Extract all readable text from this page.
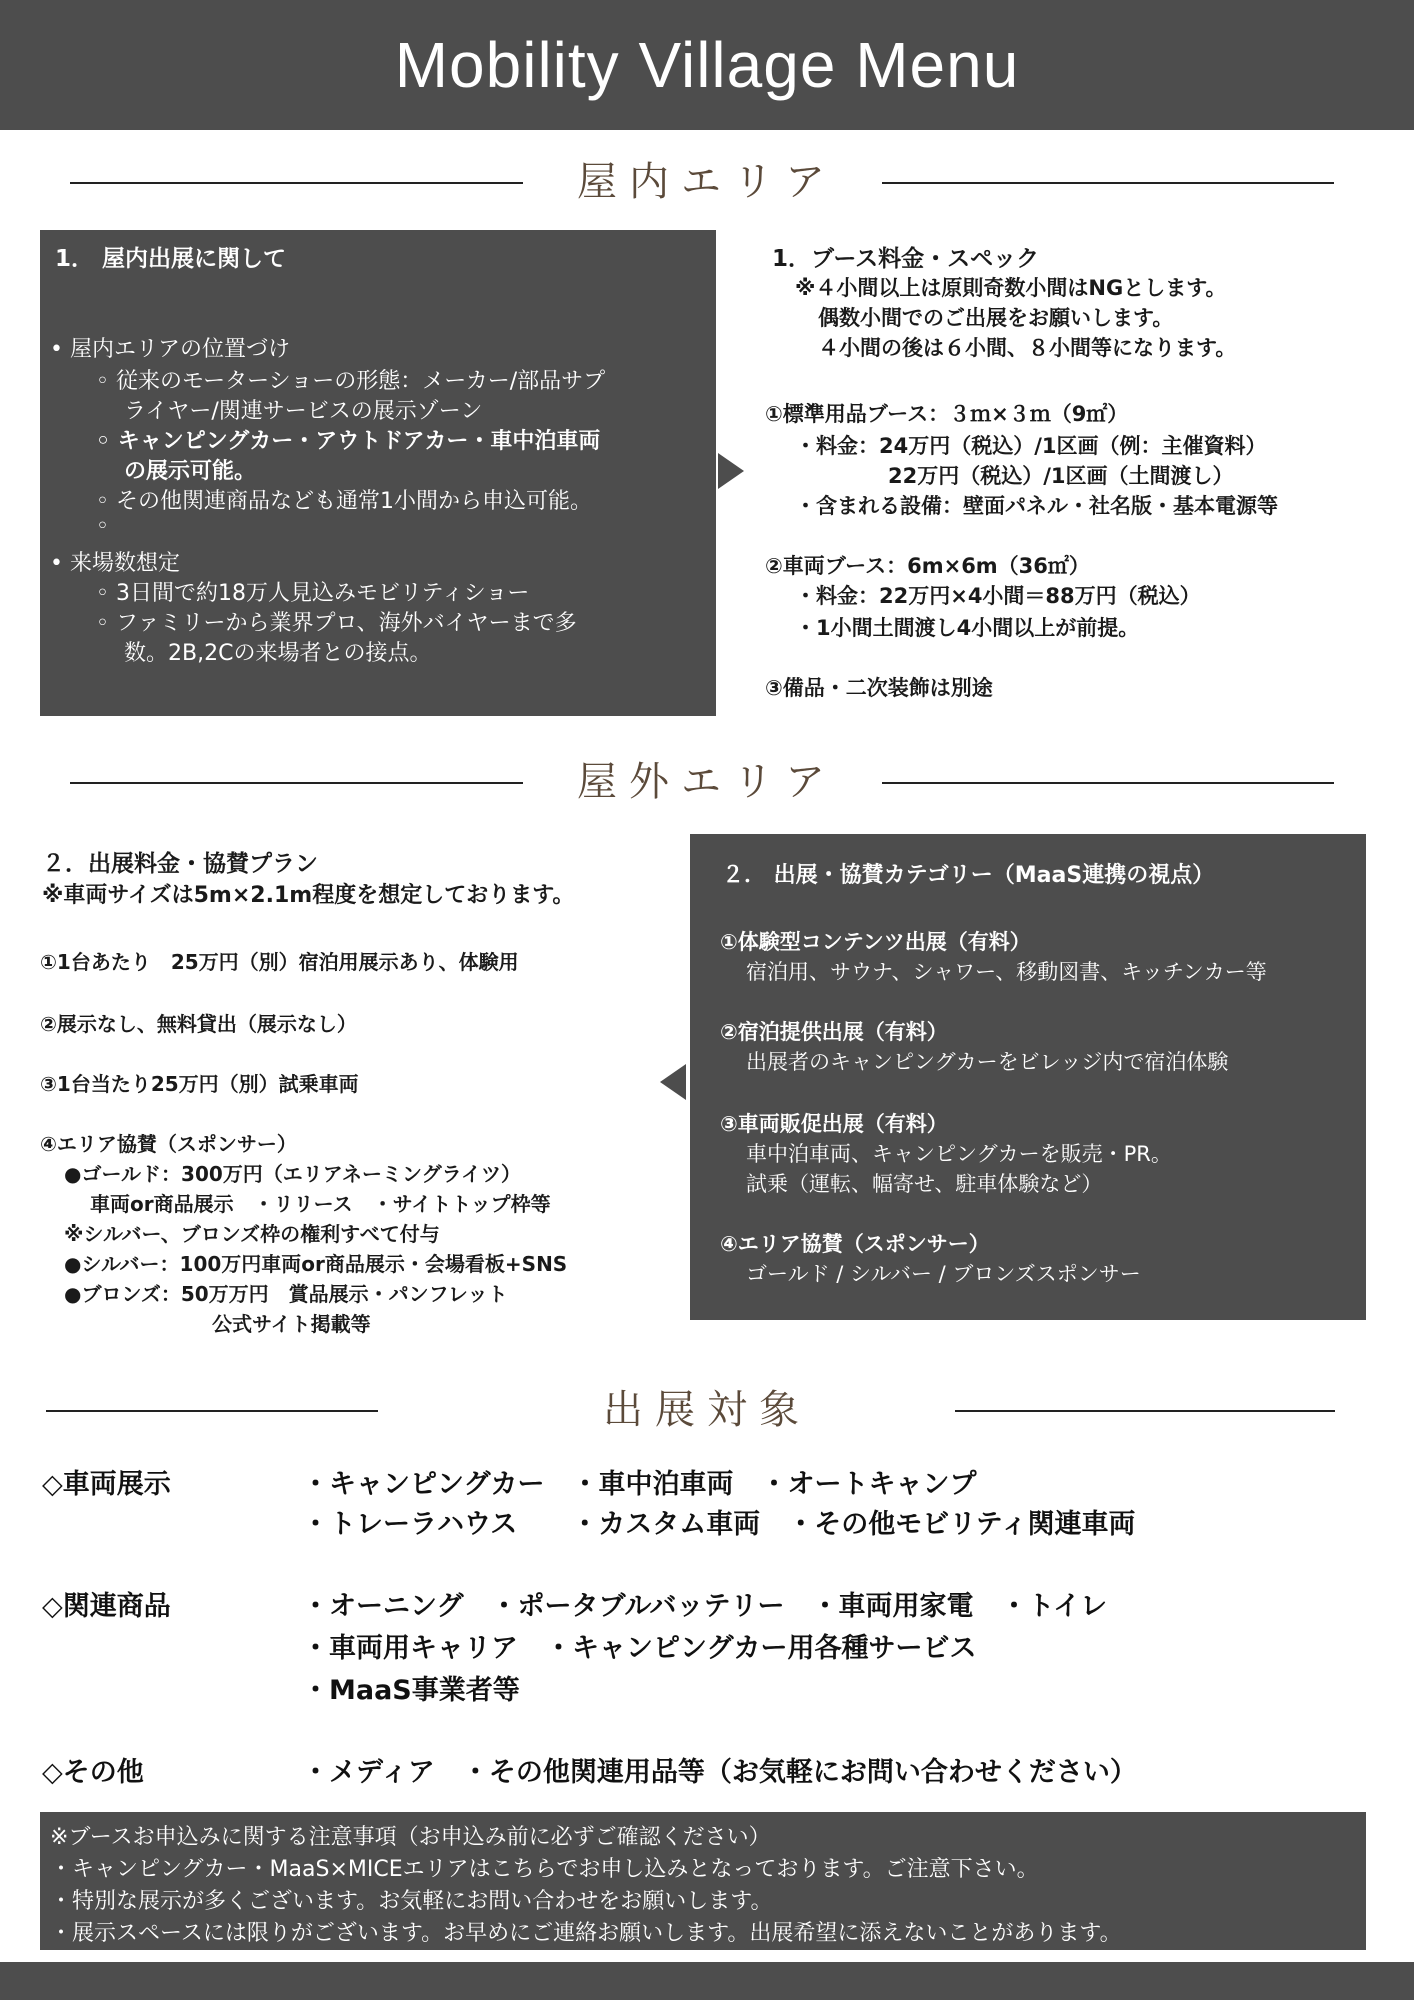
Mobility Village Menu
屋内エリア
1． 屋内出展に関して
• 屋内エリアの位置づけ
◦ 従来のモーターショーの形態：メーカー/部品サプ
ライヤー/関連サービスの展示ゾーン
◦ キャンピングカー・アウトドアカー・車中泊車両
の展示可能。
◦ その他関連商品なども通常1小間から申込可能。
◦
• 来場数想定
◦ 3日間で約18万人見込みモビリティショー
◦ ファミリーから業界プロ、海外バイヤーまで多
数。2B,2Cの来場者との接点。
1．ブース料金・スペック
※４小間以上は原則奇数小間はNGとします。
偶数小間でのご出展をお願いします。
４小間の後は６小間、８小間等になります。
①標準用品ブース：３ｍ×３ｍ（9㎡）
・料金：24万円（税込）/1区画（例：主催資料）
22万円（税込）/1区画（土間渡し）
・含まれる設備：壁面パネル・社名版・基本電源等
②車両ブース：6m×6m（36㎡）
・料金：22万円×4小間＝88万円（税込）
・1小間土間渡し4小間以上が前提。
③備品・二次装飾は別途
屋外エリア
２．出展料金・協賛プラン
※車両サイズは5m×2.1m程度を想定しております。
①1台あたり　25万円（別）宿泊用展示あり、体験用
②展示なし、無料貸出（展示なし）
③1台当たり25万円（別）試乗車両
④エリア協賛（スポンサー）
●ゴールド：300万円（エリアネーミングライツ）
車両or商品展示　・リリース　・サイトトップ枠等
※シルバー、ブロンズ枠の権利すべて付与
●シルバー：100万円車両or商品展示・会場看板+SNS
●ブロンズ：50万万円　賞品展示・パンフレット
公式サイト掲載等
２． 出展・協賛カテゴリー（MaaS連携の視点）
①体験型コンテンツ出展（有料）
宿泊用、サウナ、シャワー、移動図書、キッチンカー等
②宿泊提供出展（有料）
出展者のキャンピングカーをビレッジ内で宿泊体験
③車両販促出展（有料）
車中泊車両、キャンピングカーを販売・PR。
試乗（運転、幅寄せ、駐車体験など）
④エリア協賛（スポンサー）
ゴールド / シルバー / ブロンズスポンサー
出展対象
◇車両展示	・キャンピングカー　・車中泊車両　・オートキャンプ
・トレーラハウス　　・カスタム車両　・その他モビリティ関連車両
◇関連商品	・オーニング　・ポータブルバッテリー　・車両用家電　・トイレ
・車両用キャリア　・キャンピングカー用各種サービス
・MaaS事業者等
◇その他	・メディア　・その他関連用品等（お気軽にお問い合わせください）
※ブースお申込みに関する注意事項（お申込み前に必ずご確認ください）
・キャンピングカー・MaaS×MICEエリアはこちらでお申し込みとなっております。ご注意下さい。
・特別な展示が多くございます。お気軽にお問い合わせをお願いします。
・展示スペースには限りがございます。お早めにご連絡お願いします。出展希望に添えないことがあります。
